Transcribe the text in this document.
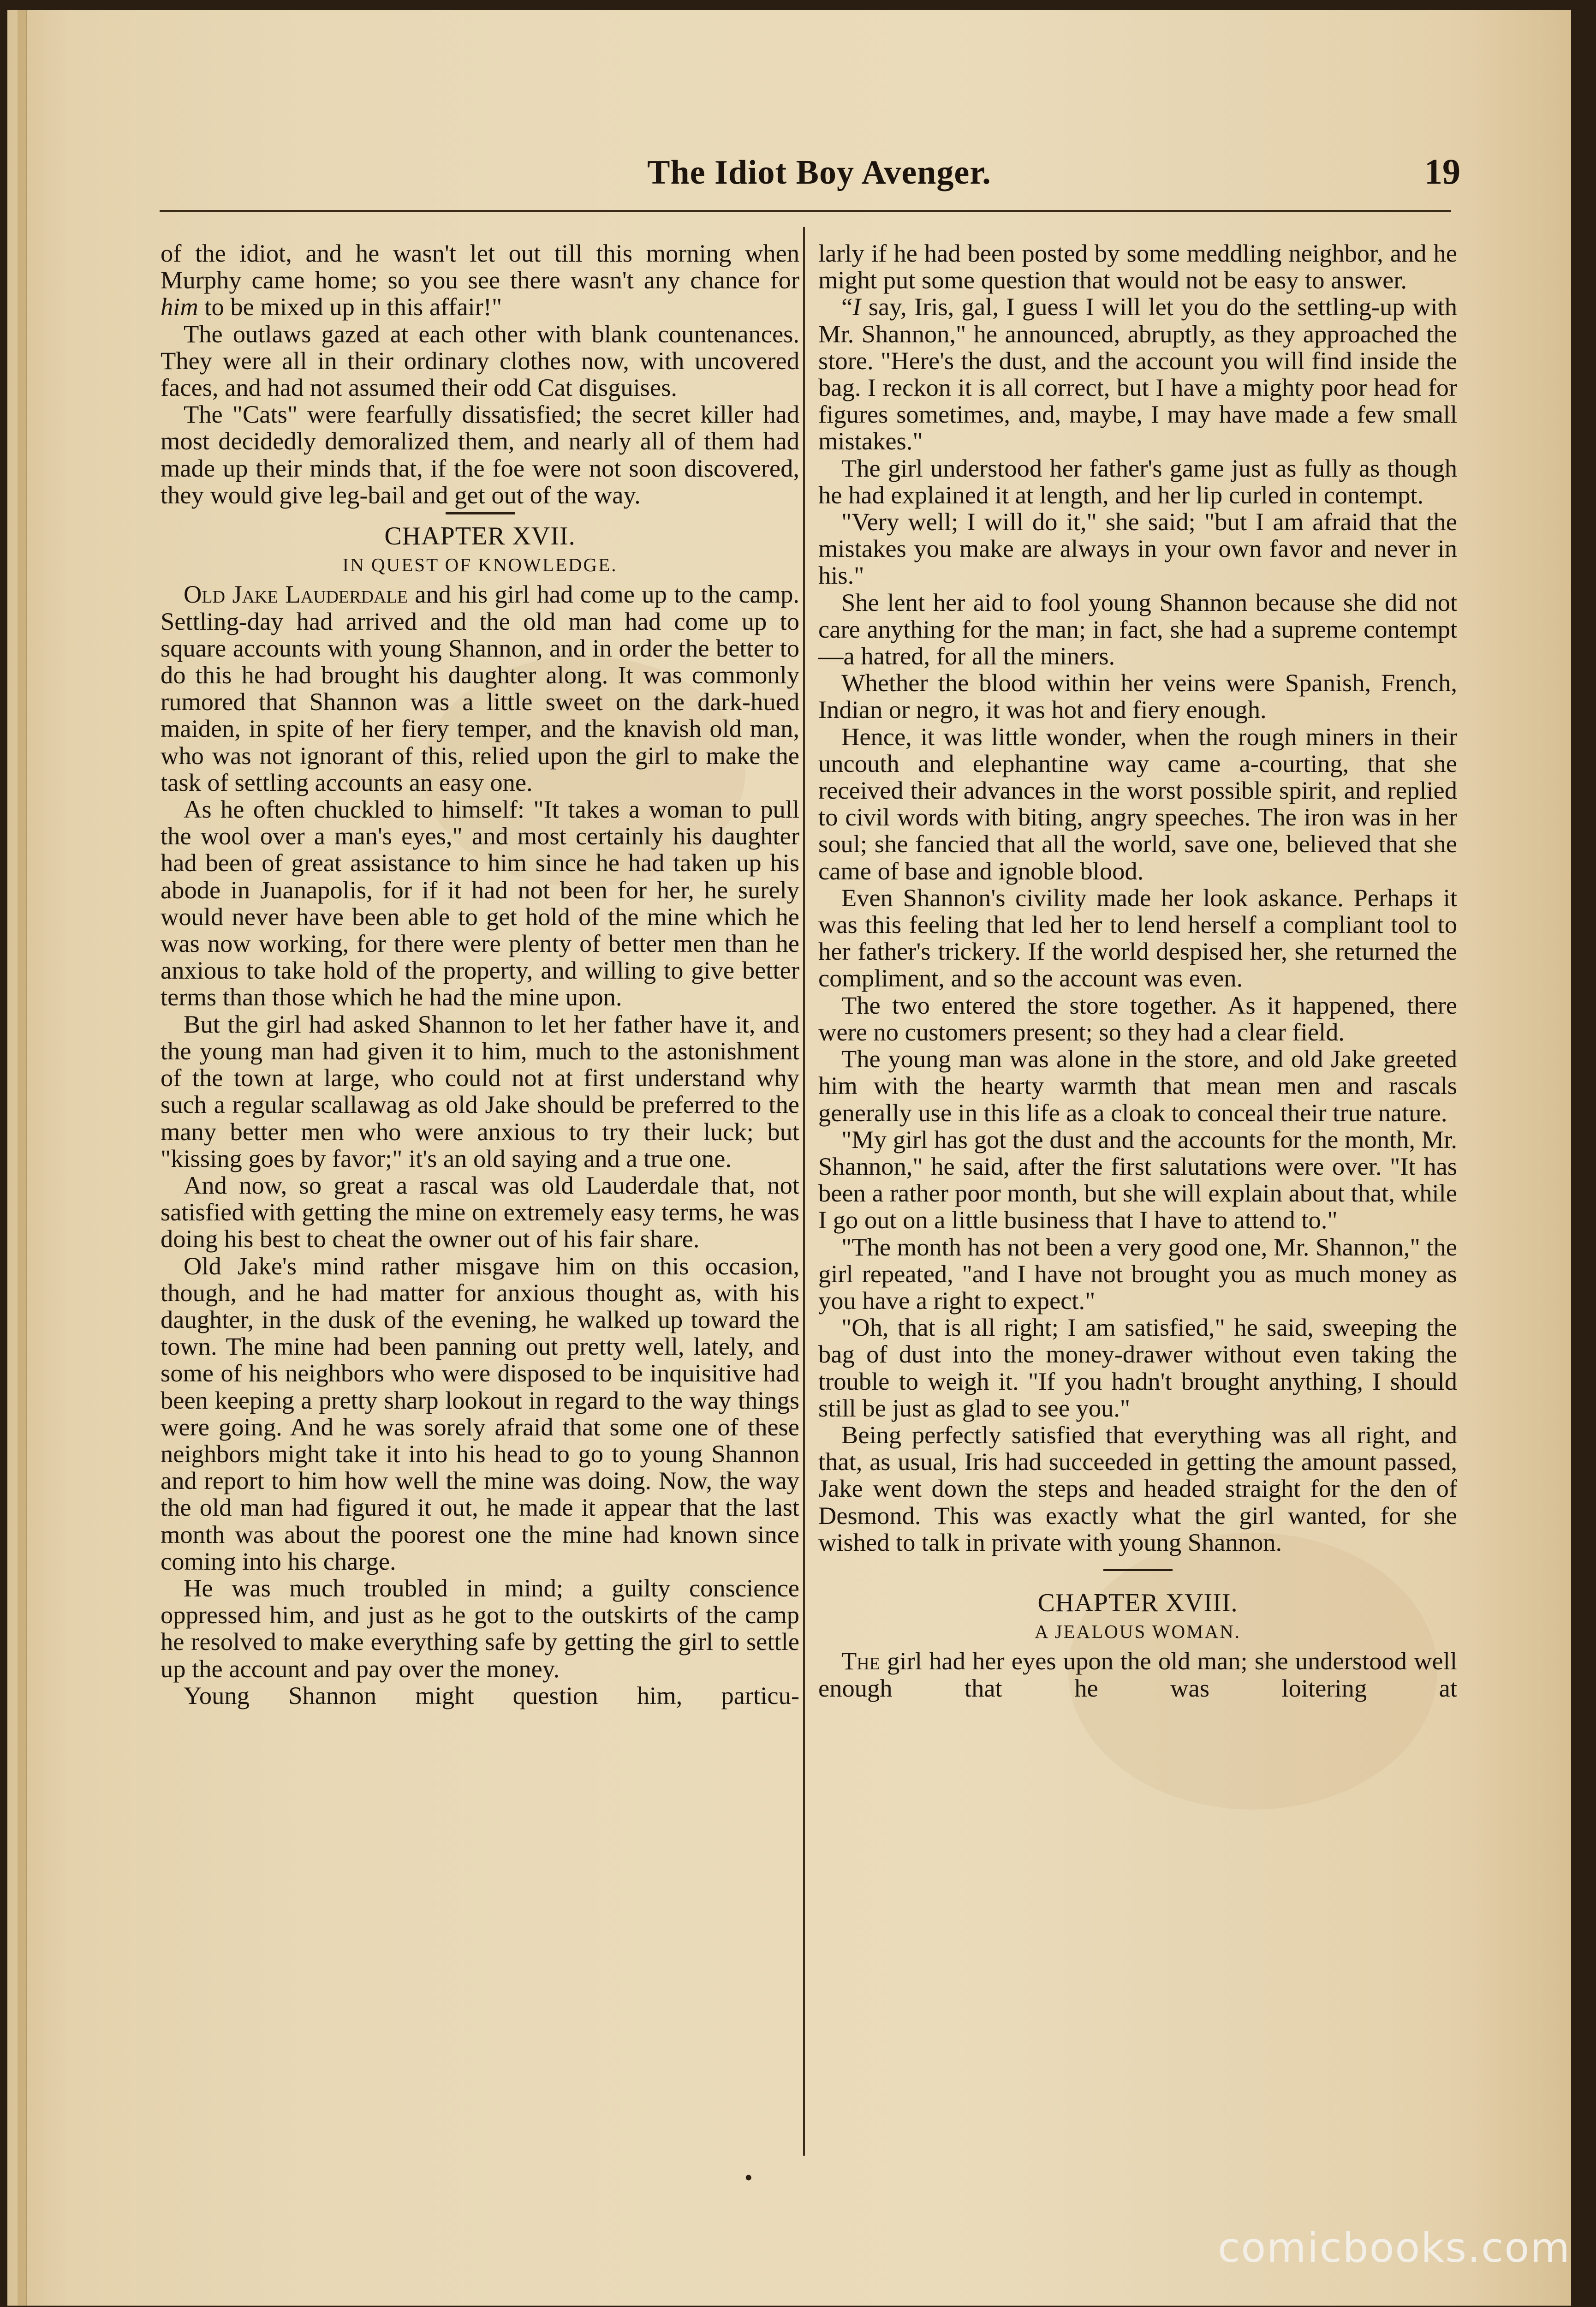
The Idiot Boy Avenger.	19

of the idiot, and he wasn't let out till this morning when Murphy came home; so you see there wasn't any chance for him to be mixed up in this affair!"

The outlaws gazed at each other with blank countenances. They were all in their ordinary clothes now, with uncovered faces, and had not assumed their odd Cat disguises.

The "Cats" were fearfully dissatisfied; the secret killer had most decidedly demoralized them, and nearly all of them had made up their minds that, if the foe were not soon discovered, they would give leg-bail and get out of the way.

CHAPTER XVII.
IN QUEST OF KNOWLEDGE.

Old Jake Lauderdale and his girl had come up to the camp. Settling-day had arrived and the old man had come up to square accounts with young Shannon, and in order the better to do this he had brought his daughter along. It was commonly rumored that Shannon was a little sweet on the dark-hued maiden, in spite of her fiery temper, and the knavish old man, who was not ignorant of this, relied upon the girl to make the task of settling accounts an easy one.

As he often chuckled to himself: "It takes a woman to pull the wool over a man's eyes," and most certainly his daughter had been of great assistance to him since he had taken up his abode in Juanapolis, for if it had not been for her, he surely would never have been able to get hold of the mine which he was now working, for there were plenty of better men than he anxious to take hold of the property, and willing to give better terms than those which he had the mine upon.

But the girl had asked Shannon to let her father have it, and the young man had given it to him, much to the astonishment of the town at large, who could not at first understand why such a regular scallawag as old Jake should be preferred to the many better men who were anxious to try their luck; but "kissing goes by favor;" it's an old saying and a true one.

And now, so great a rascal was old Lauderdale that, not satisfied with getting the mine on extremely easy terms, he was doing his best to cheat the owner out of his fair share.

Old Jake's mind rather misgave him on this occasion, though, and he had matter for anxious thought as, with his daughter, in the dusk of the evening, he walked up toward the town. The mine had been panning out pretty well, lately, and some of his neighbors who were disposed to be inquisitive had been keeping a pretty sharp lookout in regard to the way things were going. And he was sorely afraid that some one of these neighbors might take it into his head to go to young Shannon and report to him how well the mine was doing. Now, the way the old man had figured it out, he made it appear that the last month was about the poorest one the mine had known since coming into his charge.

He was much troubled in mind; a guilty conscience oppressed him, and just as he got to the outskirts of the camp he resolved to make everything safe by getting the girl to settle up the account and pay over the money.

Young Shannon might question him, particu-

larly if he had been posted by some meddling neighbor, and he might put some question that would not be easy to answer.

“I say, Iris, gal, I guess I will let you do the settling-up with Mr. Shannon," he announced, abruptly, as they approached the store. "Here's the dust, and the account you will find inside the bag. I reckon it is all correct, but I have a mighty poor head for figures sometimes, and, maybe, I may have made a few small mistakes."

The girl understood her father's game just as fully as though he had explained it at length, and her lip curled in contempt.

"Very well; I will do it," she said; "but I am afraid that the mistakes you make are always in your own favor and never in his."

She lent her aid to fool young Shannon because she did not care anything for the man; in fact, she had a supreme contempt—a hatred, for all the miners.

Whether the blood within her veins were Spanish, French, Indian or negro, it was hot and fiery enough.

Hence, it was little wonder, when the rough miners in their uncouth and elephantine way came a-courting, that she received their advances in the worst possible spirit, and replied to civil words with biting, angry speeches. The iron was in her soul; she fancied that all the world, save one, believed that she came of base and ignoble blood.

Even Shannon's civility made her look askance. Perhaps it was this feeling that led her to lend herself a compliant tool to her father's trickery. If the world despised her, she returned the compliment, and so the account was even.

The two entered the store together. As it happened, there were no customers present; so they had a clear field.

The young man was alone in the store, and old Jake greeted him with the hearty warmth that mean men and rascals generally use in this life as a cloak to conceal their true nature.

"My girl has got the dust and the accounts for the month, Mr. Shannon," he said, after the first salutations were over. "It has been a rather poor month, but she will explain about that, while I go out on a little business that I have to attend to."

"The month has not been a very good one, Mr. Shannon," the girl repeated, "and I have not brought you as much money as you have a right to expect."

"Oh, that is all right; I am satisfied," he said, sweeping the bag of dust into the money-drawer without even taking the trouble to weigh it. "If you hadn't brought anything, I should still be just as glad to see you."

Being perfectly satisfied that everything was all right, and that, as usual, Iris had succeeded in getting the amount passed, Jake went down the steps and headed straight for the den of Desmond. This was exactly what the girl wanted, for she wished to talk in private with young Shannon.

CHAPTER XVIII.
A JEALOUS WOMAN.

The girl had her eyes upon the old man; she understood well enough that he was loitering at

•
comicbooks.com
